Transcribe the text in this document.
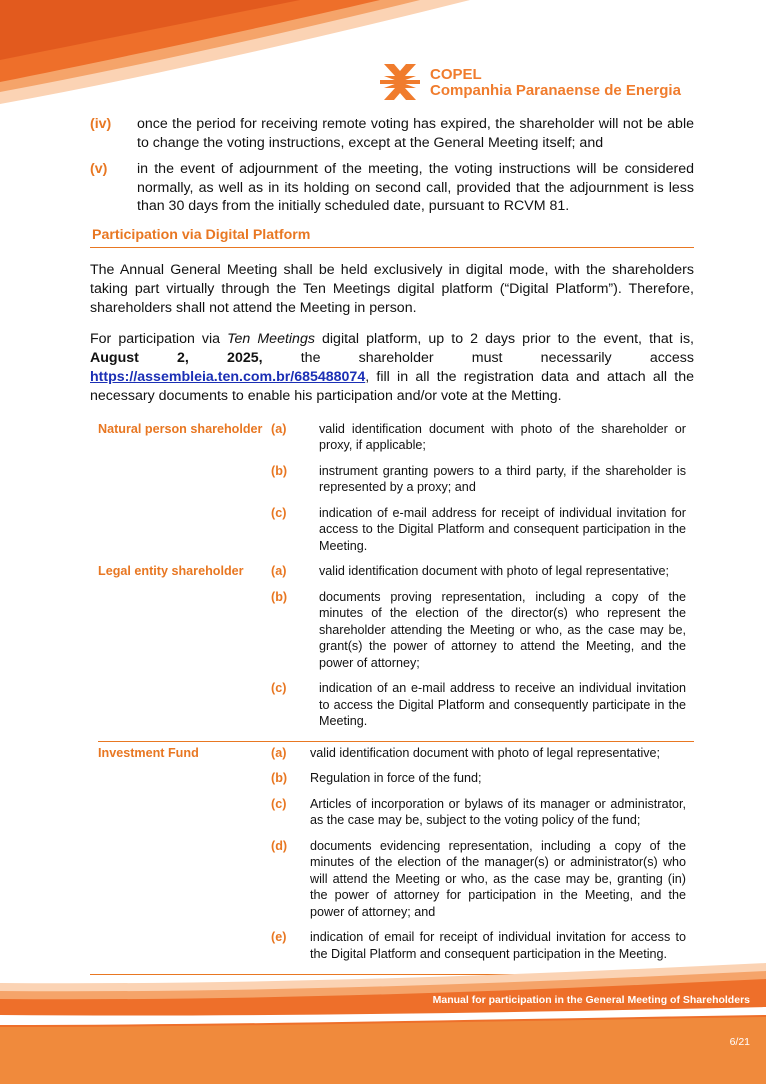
COPEL
Companhia Paranaense de Energia
(iv)	once the period for receiving remote voting has expired, the shareholder will not be able to change the voting instructions, except at the General Meeting itself; and
(v)	in the event of adjournment of the meeting, the voting instructions will be considered normally, as well as in its holding on second call, provided that the adjournment is less than 30 days from the initially scheduled date, pursuant to RCVM 81.
Participation via Digital Platform

The Annual General Meeting shall be held exclusively in digital mode, with the shareholders taking part virtually through the Ten Meetings digital platform (“Digital Platform”). Therefore, shareholders shall not attend the Meeting in person.

For participation via Ten Meetings digital platform, up to 2 days prior to the event, that is, August 2, 2025, the shareholder must necessarily access https://assembleia.ten.com.br/685488074, fill in all the registration data and attach all the necessary documents to enable his participation and/or vote at the Metting.

Natural person shareholder (a)	valid identification document with photo of the shareholder or proxy, if applicable;
(b)	instrument granting powers to a third party, if the shareholder is represented by a proxy; and
(c)	indication of e-mail address for receipt of individual invitation for access to the Digital Platform and consequent participation in the Meeting.
Legal entity shareholder	(a)	valid identification document with photo of legal representative;
(b)	documents proving representation, including a copy of the minutes of the election of the director(s) who represent the shareholder attending the Meeting or who, as the case may be, grant(s) the power of attorney to attend the Meeting, and the power of attorney;
(c)	indication of an e-mail address to receive an individual invitation to access the Digital Platform and consequently participate in the Meeting.
Investment Fund	(a)	valid identification document with photo of legal representative;
(b)	Regulation in force of the fund;
(c)	Articles of incorporation or bylaws of its manager or administrator, as the case may be, subject to the voting policy of the fund;
(d)	documents evidencing representation, including a copy of the minutes of the election of the manager(s) or administrator(s) who will attend the Meeting or who, as the case may be, granting (in) the power of attorney for participation in the Meeting, and the power of attorney; and
(e)	indication of email for receipt of individual invitation for access to the Digital Platform and consequent participation in the Meeting.
Manual for participation in the General Meeting of Shareholders
6/21
